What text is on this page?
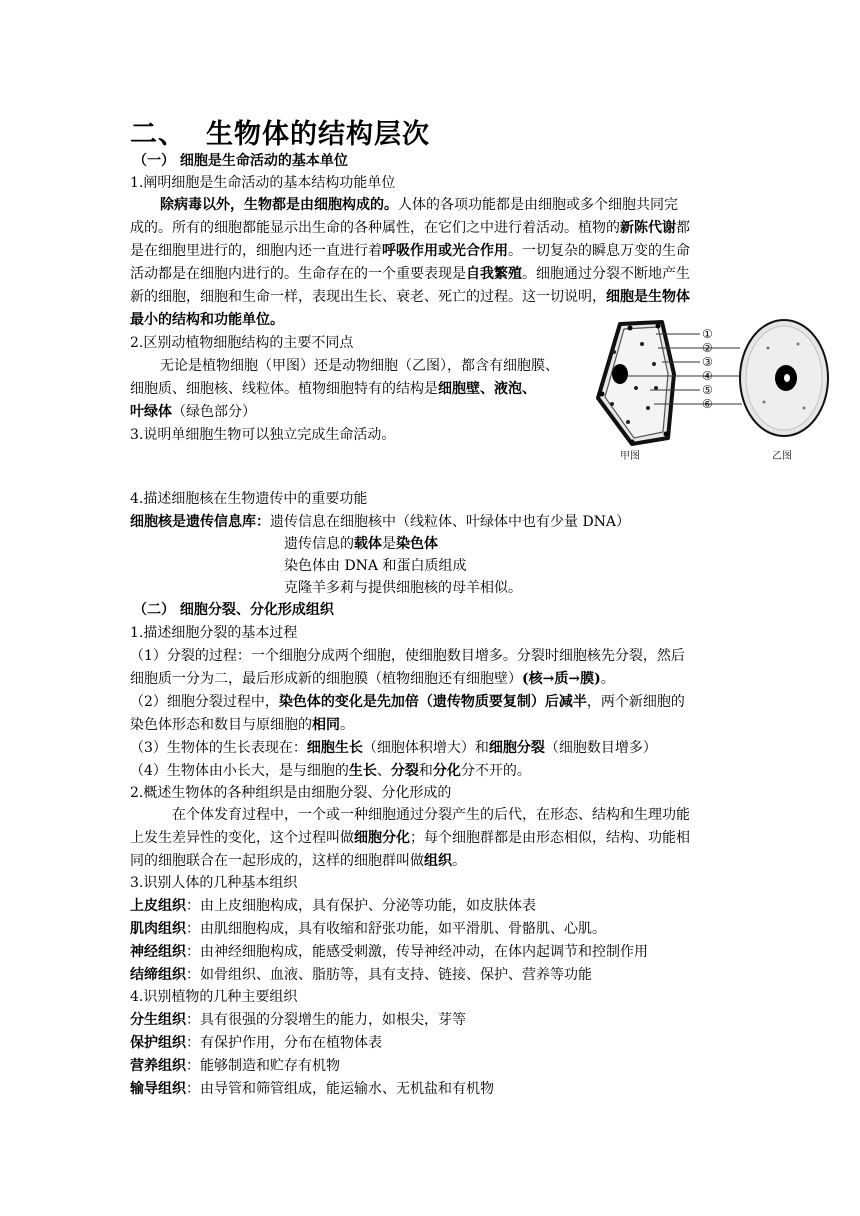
二、 生物体的结构层次
（一） 细胞是生命活动的基本单位
1.阐明细胞是生命活动的基本结构功能单位
除病毒以外，生物都是由细胞构成的。人体的各项功能都是由细胞或多个细胞共同完
成的。所有的细胞都能显示出生命的各种属性，在它们之中进行着活动。植物的新陈代谢都
是在细胞里进行的，细胞内还一直进行着呼吸作用或光合作用。一切复杂的瞬息万变的生命
活动都是在细胞内进行的。生命存在的一个重要表现是自我繁殖。细胞通过分裂不断地产生
新的细胞，细胞和生命一样，表现出生长、衰老、死亡的过程。这一切说明，细胞是生物体
最小的结构和功能单位。
2.区别动植物细胞结构的主要不同点
无论是植物细胞（甲图）还是动物细胞（乙图），都含有细胞膜、
细胞质、细胞核、线粒体。植物细胞特有的结构是细胞壁、液泡、
叶绿体（绿色部分）
3.说明单细胞生物可以独立完成生命活动。
①
②
③
④
⑤
⑥
甲图	乙图
4.描述细胞核在生物遗传中的重要功能
细胞核是遗传信息库：遗传信息在细胞核中（线粒体、叶绿体中也有少量 DNA）
遗传信息的载体是染色体
染色体由 DNA 和蛋白质组成
克隆羊多莉与提供细胞核的母羊相似。
（二） 细胞分裂、分化形成组织
1.描述细胞分裂的基本过程
（1）分裂的过程：一个细胞分成两个细胞，使细胞数目增多。分裂时细胞核先分裂，然后
细胞质一分为二，最后形成新的细胞膜（植物细胞还有细胞壁）(核→质→膜)。
（2）细胞分裂过程中，染色体的变化是先加倍（遗传物质要复制）后减半，两个新细胞的
染色体形态和数目与原细胞的相同。
（3）生物体的生长表现在：细胞生长（细胞体积增大）和细胞分裂（细胞数目增多）
（4）生物体由小长大，是与细胞的生长、分裂和分化分不开的。
2.概述生物体的各种组织是由细胞分裂、分化形成的
在个体发育过程中，一个或一种细胞通过分裂产生的后代，在形态、结构和生理功能
上发生差异性的变化，这个过程叫做细胞分化；每个细胞群都是由形态相似，结构、功能相
同的细胞联合在一起形成的，这样的细胞群叫做组织。
3.识别人体的几种基本组织
上皮组织：由上皮细胞构成，具有保护、分泌等功能，如皮肤体表
肌肉组织：由肌细胞构成，具有收缩和舒张功能，如平滑肌、骨骼肌、心肌。
神经组织：由神经细胞构成，能感受刺激，传导神经冲动，在体内起调节和控制作用
结缔组织：如骨组织、血液、脂肪等，具有支持、链接、保护、营养等功能
4.识别植物的几种主要组织
分生组织：具有很强的分裂增生的能力，如根尖，芽等
保护组织：有保护作用，分布在植物体表
营养组织：能够制造和贮存有机物
输导组织：由导管和筛管组成，能运输水、无机盐和有机物
